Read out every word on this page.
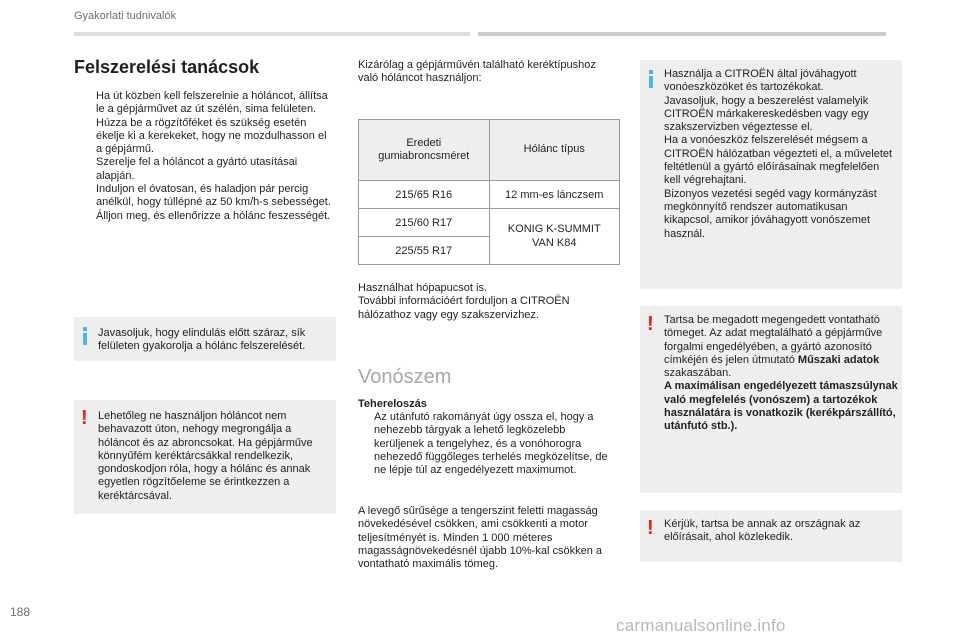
Gyakorlati tudnivalók
Felszerelési tanácsok
Ha út közben kell felszerelnie a hóláncot, állítsa le a gépjárművet az út szélén, sima felületen.
Húzza be a rögzítőféket és szükség esetén ékelje ki a kerekeket, hogy ne mozdulhasson el a gépjármű.
Szerelje fel a hóláncot a gyártó utasításai alapján.
Induljon el óvatosan, és haladjon pár percig anélkül, hogy túllépné az 50 km/h-s sebességet.
Álljon meg, és ellenőrizze a hólánc feszességét.
Javasoljuk, hogy elindulás előtt száraz, sík felületen gyakorolja a hólánc felszerelését.
! Lehetőleg ne használjon hóláncot nem behavazott úton, nehogy megrongálja a hóláncot és az abroncsokat. Ha gépjárműve könnyűfém keréktárcsákkal rendelkezik, gondoskodjon róla, hogy a hólánc és annak egyetlen rögzítőeleme se érintkezzen a keréktárcsával.
Kizárólag a gépjárművén található keréktípushoz való hóláncot használjon:
Eredeti gumiabroncsméret	Hólánc típus
215/65 R16	12 mm-es lánczsem
215/60 R17	KONIG K-SUMMIT VAN K84
225/55 R17	
Használhat hópapucsot is.
További információért forduljon a CITROËN hálózathoz vagy egy szakszervizhez.
Vonószem
Tehereloszás
Az utánfutó rakományát úgy ossza el, hogy a nehezebb tárgyak a lehető legközelebb kerüljenek a tengelyhez, és a vonóhorogra nehezedő függőleges terhelés megközelítse, de ne lépje túl az engedélyezett maximumot.
A levegő sűrűsége a tengerszint feletti magasság növekedésével csökken, ami csökkenti a motor teljesítményét is. Minden 1 000 méteres magasságnövekedésnél újabb 10%-kal csökken a vontatható maximális tömeg.
Használja a CITROËN által jóváhagyott vonóeszközöket és tartozékokat.
Javasoljuk, hogy a beszerelést valamelyik CITROËN márkakereskedésben vagy egy szakszervizben végeztesse el.
Ha a vonóeszköz felszerelését mégsem a CITROËN hálózatban végezteti el, a műveletet feltétlenül a gyártó előírásainak megfelelően kell végrehajtani.
Bizonyos vezetési segéd vagy kormányzást megkönnyítő rendszer automatikusan kikapcsol, amikor jóváhagyott vonószemet használ.
! Tartsa be megadott megengedett vontatható tömeget. Az adat megtalálható a gépjárműve forgalmi engedélyében, a gyártó azonosító címkéjén és jelen útmutató Műszaki adatok szakaszában.
A maximálisan engedélyezett támaszsúlynak való megfelelés (vonószem) a tartozékok használatára is vonatkozik (kerékpárszállító, utánfutó stb.).
! Kérjük, tartsa be annak az országnak az előírásait, ahol közlekedik.
188
carmanualsonline.info
